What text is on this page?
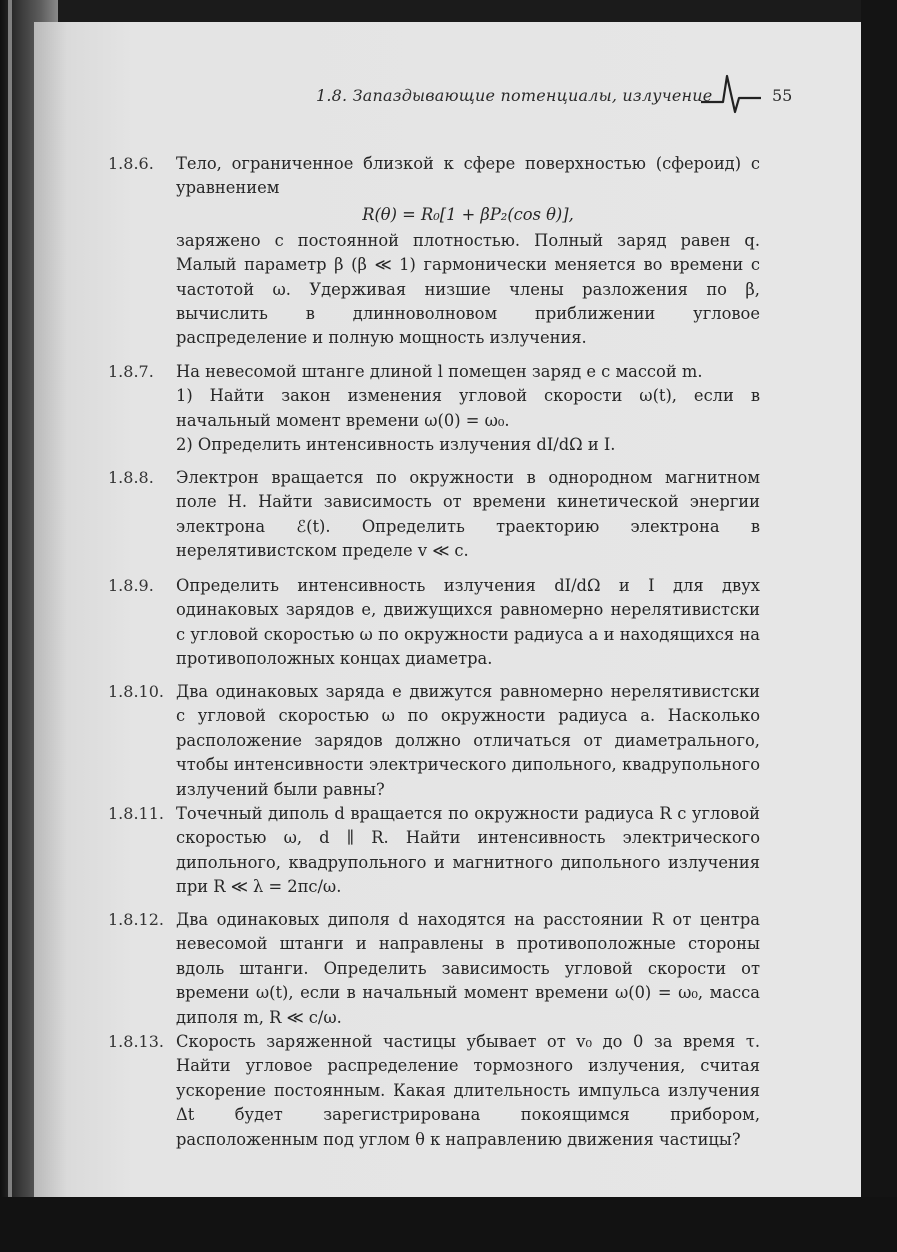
1.8. Запаздывающие потенциалы, излучение	55
1.8.6.	Тело, ограниченное близкой к сфере поверхностью (сфероид) с уравнением
R(θ) = R₀[1 + βP₂(cos θ)],
заряжено с постоянной плотностью. Полный заряд равен q. Малый параметр β (β ≪ 1) гармонически меняется во времени с частотой ω. Удерживая низшие члены разложения по β, вычислить в длинноволновом приближении угловое распределение и полную мощность излучения.
1.8.7.	На невесомой штанге длиной l помещен заряд e с массой m.
1) Найти закон изменения угловой скорости ω(t), если в начальный момент времени ω(0) = ω₀.
2) Определить интенсивность излучения dI/dΩ и I.
1.8.8.	Электрон вращается по окружности в однородном магнитном поле H. Найти зависимость от времени кинетической энергии электрона ℰ(t). Определить траекторию электрона в нерелятивистском пределе v ≪ c.
1.8.9.	Определить интенсивность излучения dI/dΩ и I для двух одинаковых зарядов e, движущихся равномерно нерелятивистски с угловой скоростью ω по окружности радиуса a и находящихся на противоположных концах диаметра.
1.8.10. Два одинаковых заряда e движутся равномерно нерелятивистски с угловой скоростью ω по окружности радиуса a. Насколько расположение зарядов должно отличаться от диаметрального, чтобы интенсивности электрического дипольного, квадрупольного излучений были равны?
1.8.11. Точечный диполь d вращается по окружности радиуса R с угловой скоростью ω, d ∥ R. Найти интенсивность электрического дипольного, квадрупольного и магнитного дипольного излучения при R ≪ λ = 2πc/ω.
1.8.12. Два одинаковых диполя d находятся на расстоянии R от центра невесомой штанги и направлены в противоположные стороны вдоль штанги. Определить зависимость угловой скорости от времени ω(t), если в начальный момент времени ω(0) = ω₀, масса диполя m, R ≪ c/ω.
1.8.13. Скорость заряженной частицы убывает от v₀ до 0 за время τ. Найти угловое распределение тормозного излучения, считая ускорение постоянным. Какая длительность импульса излучения Δt будет зарегистрирована покоящимся прибором, расположенным под углом θ к направлению движения частицы?
